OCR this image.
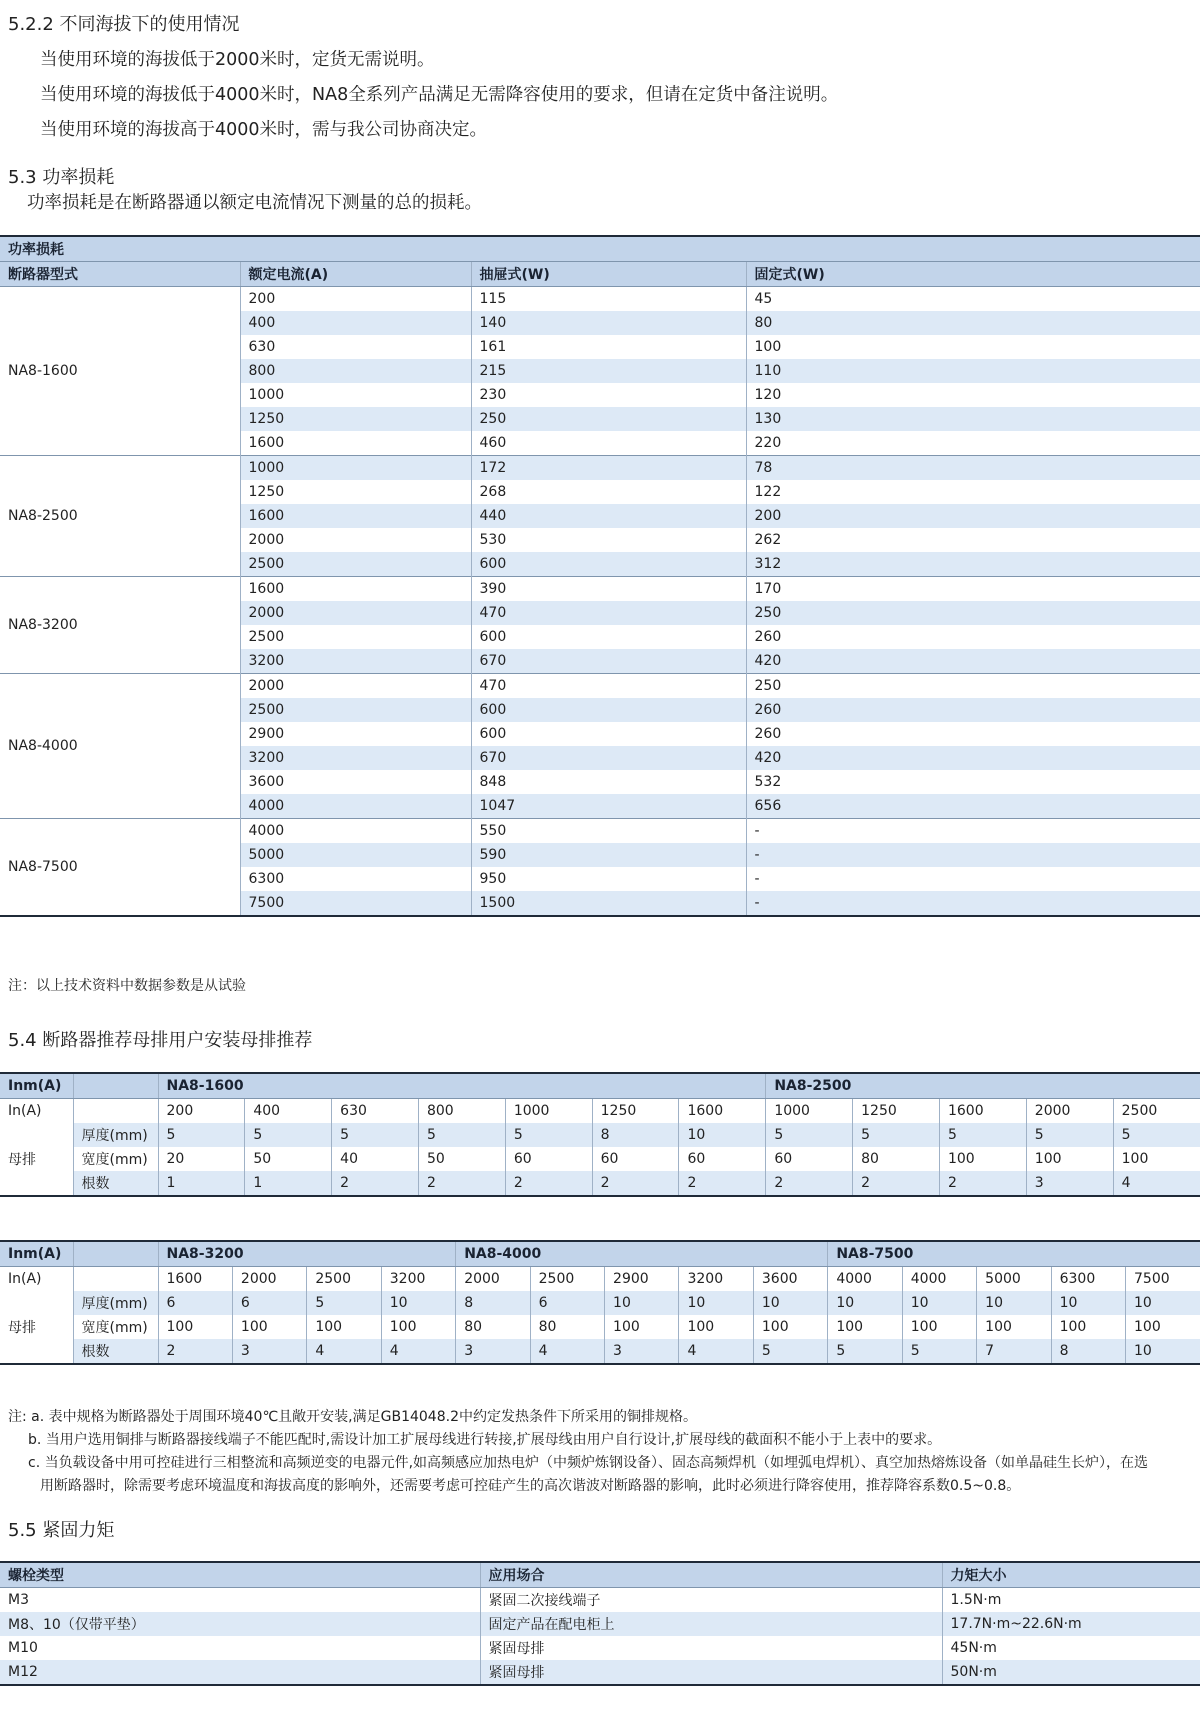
5.2.2 不同海拔下的使用情况

当使用环境的海拔低于2000米时，定货无需说明。

当使用环境的海拔低于4000米时，NA8全系列产品满足无需降容使用的要求，但请在定货中备注说明。

当使用环境的海拔高于4000米时，需与我公司协商决定。

5.3 功率损耗

功率损耗是在断路器通以额定电流情况下测量的总的损耗。

功率损耗			
断路器型式	额定电流(A)	抽屉式(W)	固定式(W)
NA8-1600	200	115	45
	400	140	80
	630	161	100
	800	215	110
	1000	230	120
	1250	250	130
	1600	460	220
NA8-2500	1000	172	78
	1250	268	122
	1600	440	200
	2000	530	262
	2500	600	312
NA8-3200	1600	390	170
	2000	470	250
	2500	600	260
	3200	670	420
NA8-4000	2000	470	250
	2500	600	260
	2900	600	260
	3200	670	420
	3600	848	532
	4000	1047	656
NA8-7500	4000	550	-
	5000	590	-
	6300	950	-
	7500	1500	-
注：以上技术资料中数据参数是从试验
5.4 断路器推荐母排用户安装母排推荐
Inm(A)		NA8-1600							NA8-2500				
In(A)		200	400	630	800	1000	1250	1600	1000	1250	1600	2000	2500
母排	厚度(mm)	5	5	5	5	5	8	10	5	5	5	5	5
	宽度(mm)	20	50	40	50	60	60	60	60	80	100	100	100
	根数	1	1	2	2	2	2	2	2	2	2	3	4
Inm(A)		NA8-3200				NA8-4000					NA8-7500				
In(A)		1600	2000	2500	3200	2000	2500	2900	3200	3600	4000	4000	5000	6300	7500
母排	厚度(mm)	6	6	5	10	8	6	10	10	10	10	10	10	10	10
	宽度(mm)	100	100	100	100	80	80	100	100	100	100	100	100	100	100
	根数	2	3	4	4	3	4	3	4	5	5	5	7	8	10

注: a. 表中规格为断路器处于周围环境40℃且敞开安装,满足GB14048.2中约定发热条件下所采用的铜排规格。

b. 当用户选用铜排与断路器接线端子不能匹配时,需设计加工扩展母线进行转接,扩展母线由用户自行设计,扩展母线的截面积不能小于上表中的要求。

c. 当负载设备中用可控硅进行三相整流和高频逆变的电器元件,如高频感应加热电炉（中频炉炼钢设备）、固态高频焊机（如埋弧电焊机）、真空加热熔炼设备（如单晶硅生长炉），在选

用断路器时，除需要考虑环境温度和海拔高度的影响外，还需要考虑可控硅产生的高次谐波对断路器的影响，此时必须进行降容使用，推荐降容系数0.5~0.8。

5.5 紧固力矩
螺栓类型	应用场合	力矩大小
M3	紧固二次接线端子	1.5N·m
M8、10（仅带平垫）	固定产品在配电柜上	17.7N·m~22.6N·m
M10	紧固母排	45N·m
M12	紧固母排	50N·m
